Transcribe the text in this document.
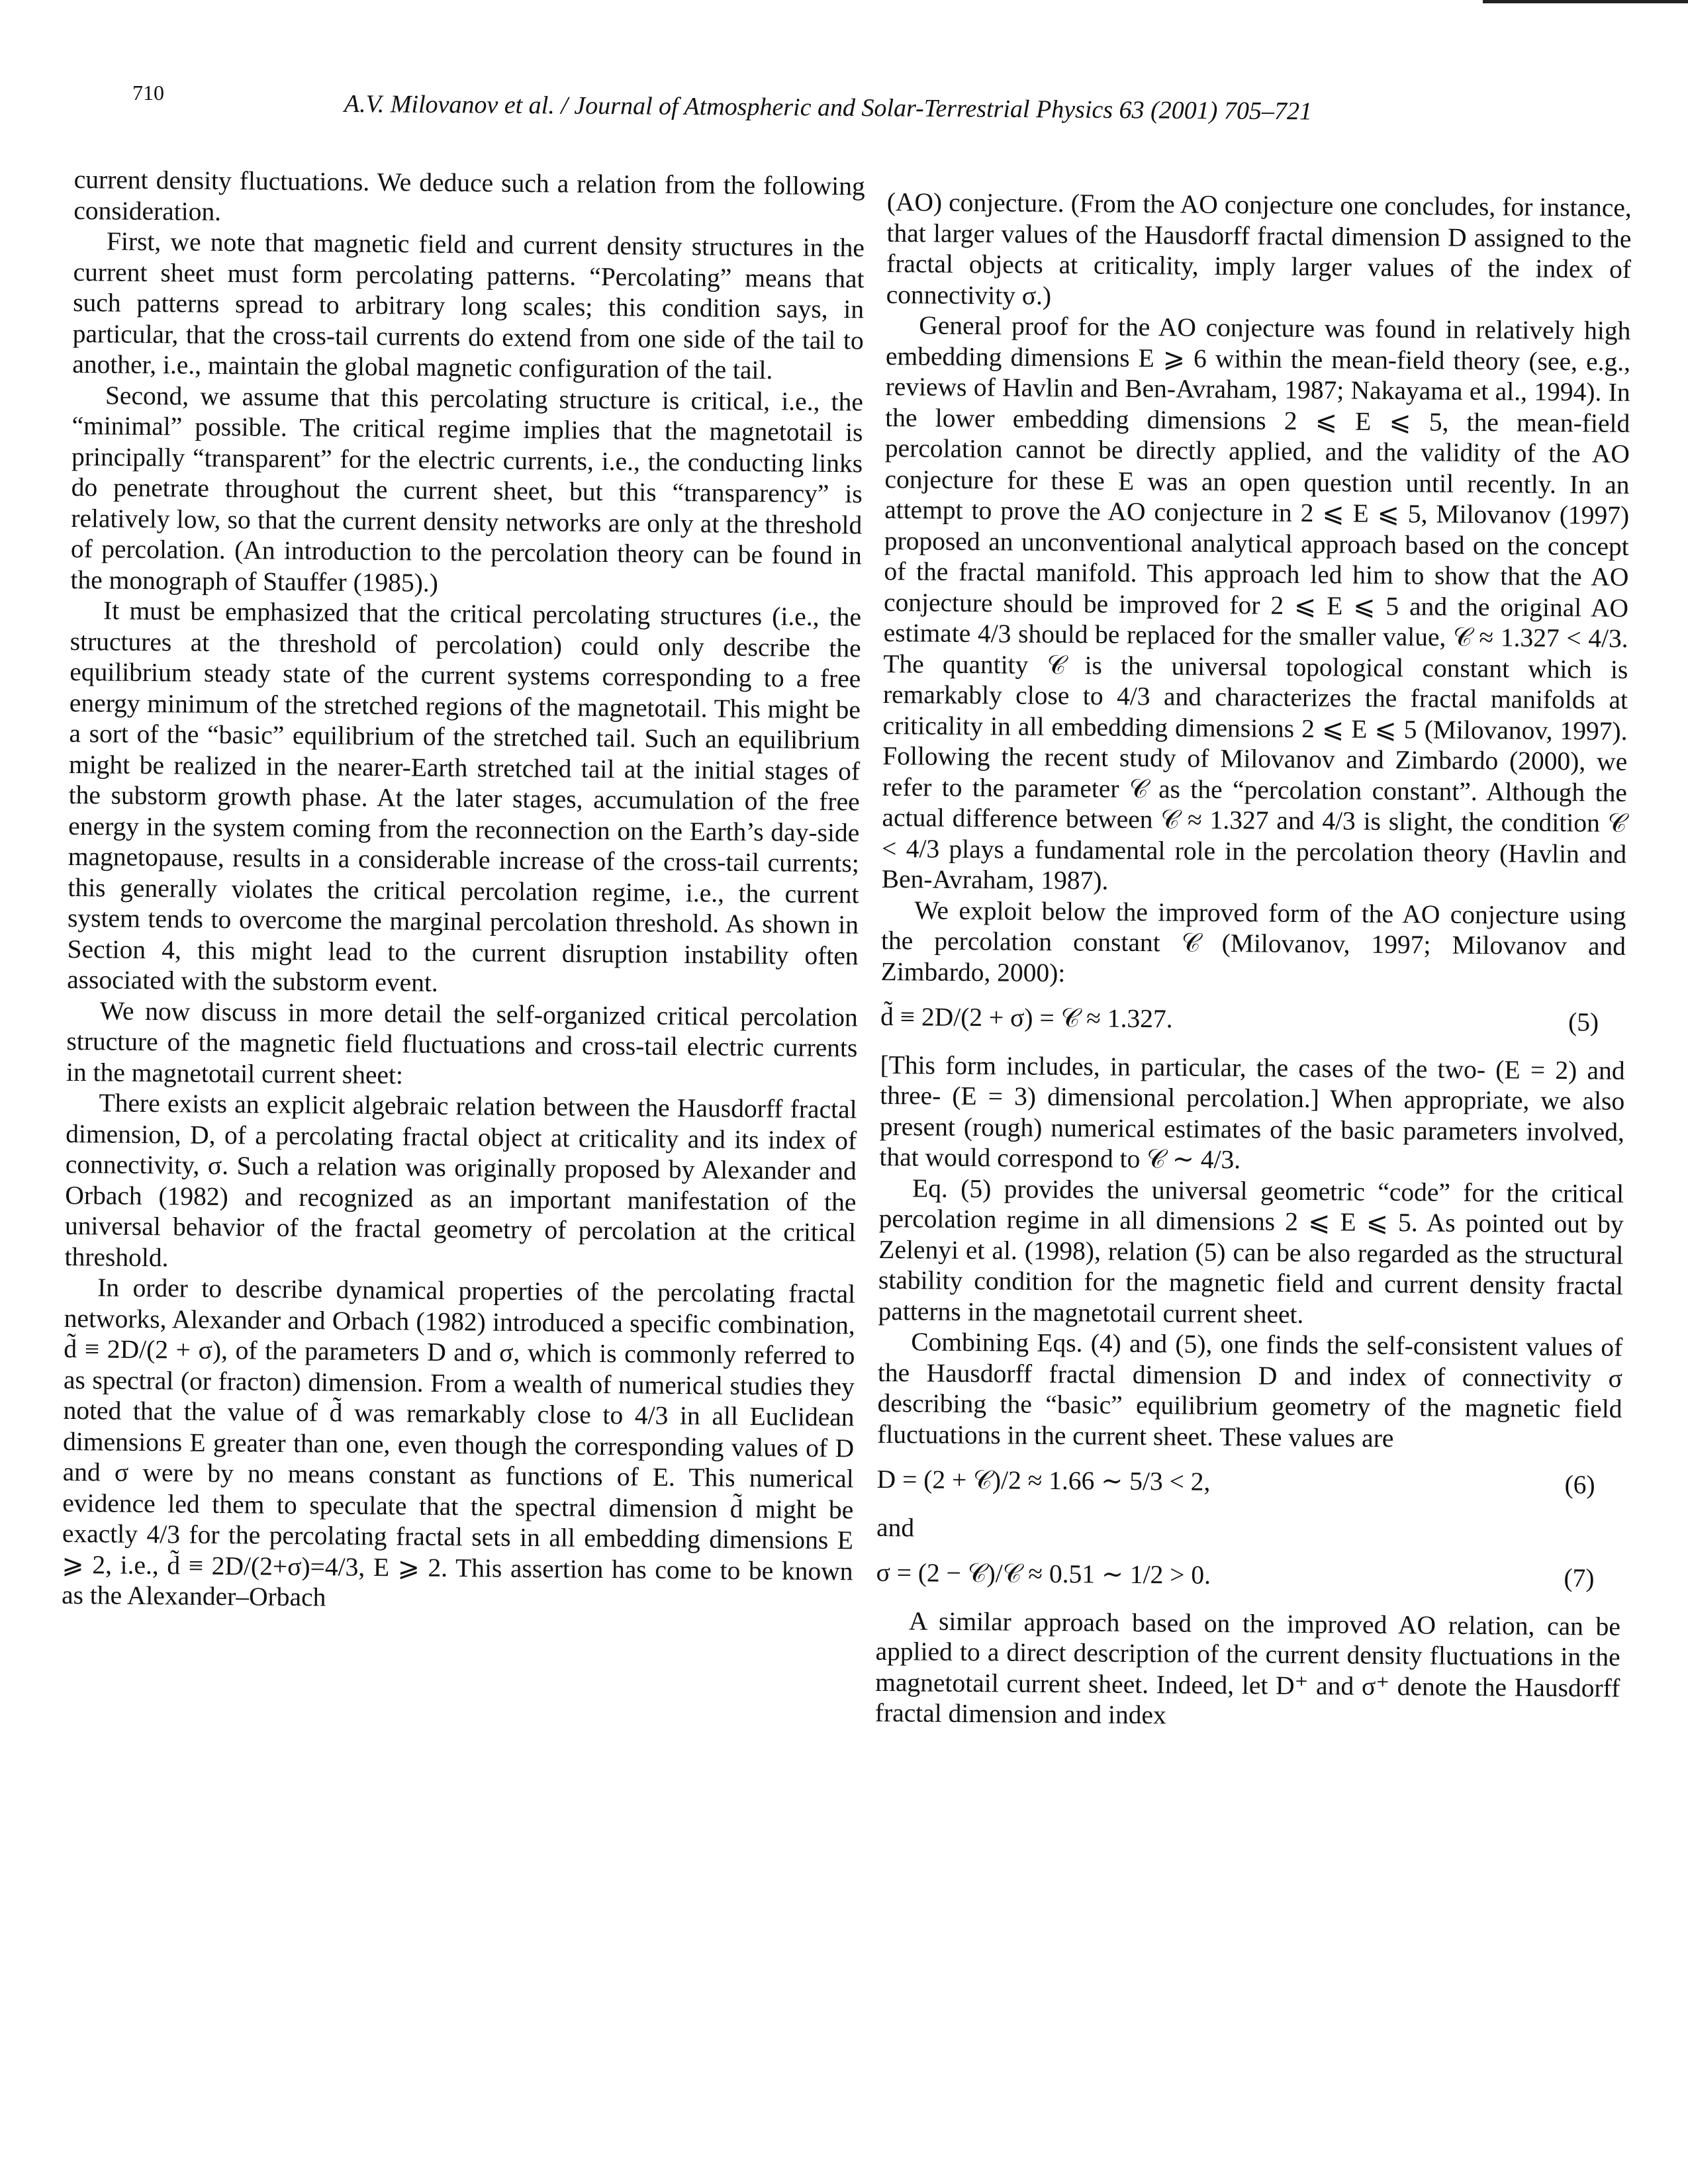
710	A.V. Milovanov et al. / Journal of Atmospheric and Solar-Terrestrial Physics 63 (2001) 705–721

current density fluctuations. We deduce such a relation from the following consideration.

First, we note that magnetic field and current density structures in the current sheet must form percolating patterns. “Percolating” means that such patterns spread to arbitrary long scales; this condition says, in particular, that the cross-tail currents do extend from one side of the tail to another, i.e., maintain the global magnetic configuration of the tail.

Second, we assume that this percolating structure is critical, i.e., the “minimal” possible. The critical regime implies that the magnetotail is principally “transparent” for the electric currents, i.e., the conducting links do penetrate throughout the current sheet, but this “transparency” is relatively low, so that the current density networks are only at the threshold of percolation. (An introduction to the percolation theory can be found in the monograph of Stauffer (1985).)

It must be emphasized that the critical percolating structures (i.e., the structures at the threshold of percolation) could only describe the equilibrium steady state of the current systems corresponding to a free energy minimum of the stretched regions of the magnetotail. This might be a sort of the “basic” equilibrium of the stretched tail. Such an equilibrium might be realized in the nearer-Earth stretched tail at the initial stages of the substorm growth phase. At the later stages, accumulation of the free energy in the system coming from the reconnection on the Earth’s day-side magnetopause, results in a considerable increase of the cross-tail currents; this generally violates the critical percolation regime, i.e., the current system tends to overcome the marginal percolation threshold. As shown in Section 4, this might lead to the current disruption instability often associated with the substorm event.

We now discuss in more detail the self-organized critical percolation structure of the magnetic field fluctuations and cross-tail electric currents in the magnetotail current sheet:

There exists an explicit algebraic relation between the Hausdorff fractal dimension, D, of a percolating fractal object at criticality and its index of connectivity, σ. Such a relation was originally proposed by Alexander and Orbach (1982) and recognized as an important manifestation of the universal behavior of the fractal geometry of percolation at the critical threshold.

In order to describe dynamical properties of the percolating fractal networks, Alexander and Orbach (1982) introduced a specific combination, d̃ ≡ 2D/(2 + σ), of the parameters D and σ, which is commonly referred to as spectral (or fracton) dimension. From a wealth of numerical studies they noted that the value of d̃ was remarkably close to 4/3 in all Euclidean dimensions E greater than one, even though the corresponding values of D and σ were by no means constant as functions of E. This numerical evidence led them to speculate that the spectral dimension d̃ might be exactly 4/3 for the percolating fractal sets in all embedding dimensions E ⩾ 2, i.e., d̃ ≡ 2D/(2+σ)=4/3, E ⩾ 2. This assertion has come to be known as the Alexander–Orbach

(AO) conjecture. (From the AO conjecture one concludes, for instance, that larger values of the Hausdorff fractal dimension D assigned to the fractal objects at criticality, imply larger values of the index of connectivity σ.)

General proof for the AO conjecture was found in relatively high embedding dimensions E ⩾ 6 within the mean-field theory (see, e.g., reviews of Havlin and Ben-Avraham, 1987; Nakayama et al., 1994). In the lower embedding dimensions 2 ⩽ E ⩽ 5, the mean-field percolation cannot be directly applied, and the validity of the AO conjecture for these E was an open question until recently. In an attempt to prove the AO conjecture in 2 ⩽ E ⩽ 5, Milovanov (1997) proposed an unconventional analytical approach based on the concept of the fractal manifold. This approach led him to show that the AO conjecture should be improved for 2 ⩽ E ⩽ 5 and the original AO estimate 4/3 should be replaced for the smaller value, 𝒞 ≈ 1.327 < 4/3. The quantity 𝒞 is the universal topological constant which is remarkably close to 4/3 and characterizes the fractal manifolds at criticality in all embedding dimensions 2 ⩽ E ⩽ 5 (Milovanov, 1997). Following the recent study of Milovanov and Zimbardo (2000), we refer to the parameter 𝒞 as the “percolation constant”. Although the actual difference between 𝒞 ≈ 1.327 and 4/3 is slight, the condition 𝒞 < 4/3 plays a fundamental role in the percolation theory (Havlin and Ben-Avraham, 1987).

We exploit below the improved form of the AO conjecture using the percolation constant 𝒞 (Milovanov, 1997; Milovanov and Zimbardo, 2000):

d̃ ≡ 2D/(2 + σ) = 𝒞 ≈ 1.327.	(5)

[This form includes, in particular, the cases of the two- (E = 2) and three- (E = 3) dimensional percolation.] When appropriate, we also present (rough) numerical estimates of the basic parameters involved, that would correspond to 𝒞 ∼ 4/3.

Eq. (5) provides the universal geometric “code” for the critical percolation regime in all dimensions 2 ⩽ E ⩽ 5. As pointed out by Zelenyi et al. (1998), relation (5) can be also regarded as the structural stability condition for the magnetic field and current density fractal patterns in the magnetotail current sheet.

Combining Eqs. (4) and (5), one finds the self-consistent values of the Hausdorff fractal dimension D and index of connectivity σ describing the “basic” equilibrium geometry of the magnetic field fluctuations in the current sheet. These values are

D = (2 + 𝒞)/2 ≈ 1.66 ∼ 5/3 < 2,	(6)

and

σ = (2 − 𝒞)/𝒞 ≈ 0.51 ∼ 1/2 > 0.	(7)

A similar approach based on the improved AO relation, can be applied to a direct description of the current density fluctuations in the magnetotail current sheet. Indeed, let D⁺ and σ⁺ denote the Hausdorff fractal dimension and index
